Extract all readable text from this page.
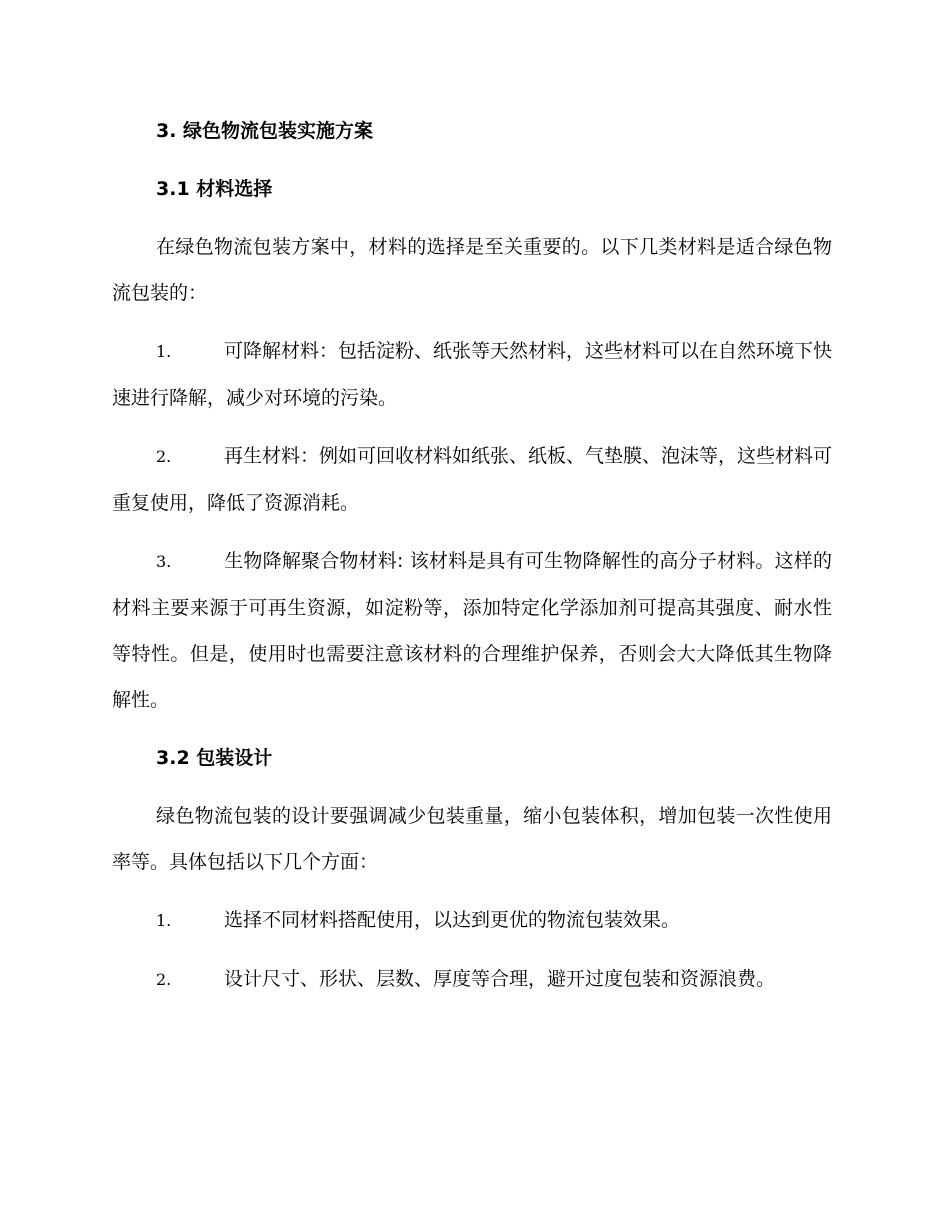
3. 绿色物流包装实施方案
3.1 材料选择
在绿色物流包装方案中，材料的选择是至关重要的。以下几类材料是适合绿色物流包装的：
1.	可降解材料：包括淀粉、纸张等天然材料，这些材料可以在自然环境下快速进行降解，减少对环境的污染。
2.	再生材料：例如可回收材料如纸张、纸板、气垫膜、泡沫等，这些材料可重复使用，降低了资源消耗。
3.	生物降解聚合物材料: 该材料是具有可生物降解性的高分子材料。这样的材料主要来源于可再生资源，如淀粉等，添加特定化学添加剂可提高其强度、耐水性等特性。但是，使用时也需要注意该材料的合理维护保养，否则会大大降低其生物降解性。
3.2 包装设计
绿色物流包装的设计要强调减少包装重量，缩小包装体积，增加包装一次性使用率等。具体包括以下几个方面：
1.	选择不同材料搭配使用，以达到更优的物流包装效果。
2.	设计尺寸、形状、层数、厚度等合理，避开过度包装和资源浪费。
